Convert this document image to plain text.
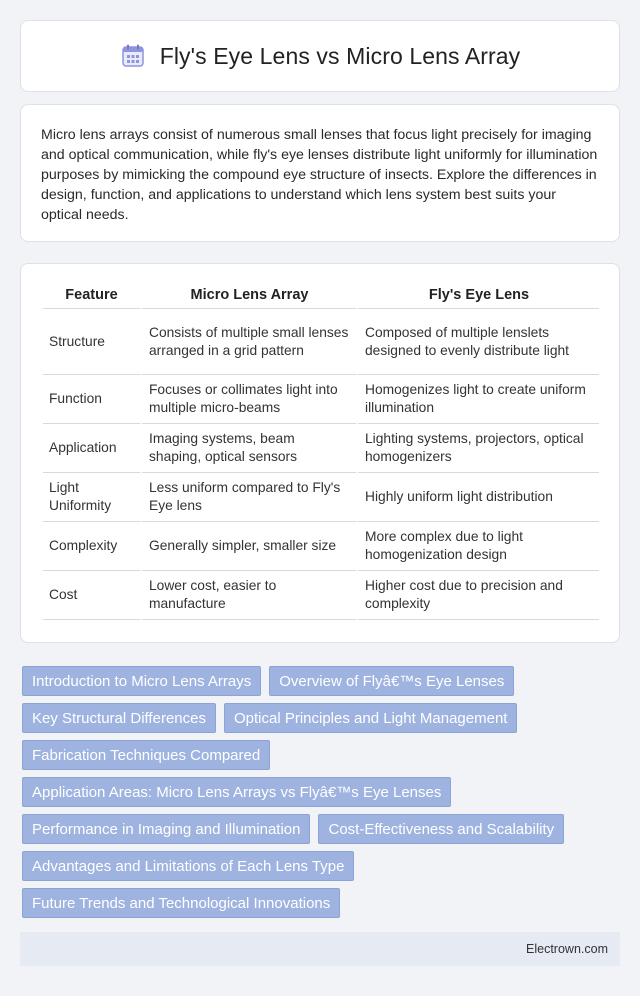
Fly's Eye Lens vs Micro Lens Array

Micro lens arrays consist of numerous small lenses that focus light precisely for imaging and optical communication, while fly's eye lenses distribute light uniformly for illumination purposes by mimicking the compound eye structure of insects. Explore the differences in design, function, and applications to understand which lens system best suits your optical needs.

Feature	Micro Lens Array	Fly's Eye Lens
Structure	Consists of multiple small lenses arranged in a grid pattern	Composed of multiple lenslets designed to evenly distribute light
Function	Focuses or collimates light into multiple micro-beams	Homogenizes light to create uniform illumination
Application	Imaging systems, beam shaping, optical sensors	Lighting systems, projectors, optical homogenizers
Light Uniformity	Less uniform compared to Fly's Eye lens	Highly uniform light distribution
Complexity	Generally simpler, smaller size	More complex due to light homogenization design
Cost	Lower cost, easier to manufacture	Higher cost due to precision and complexity
Introduction to Micro Lens Arrays	Overview of Flyâ€™s Eye Lenses
Key Structural Differences	Optical Principles and Light Management
Fabrication Techniques Compared
Application Areas: Micro Lens Arrays vs Flyâ€™s Eye Lenses
Performance in Imaging and Illumination	Cost-Effectiveness and Scalability
Advantages and Limitations of Each Lens Type
Future Trends and Technological Innovations
Electrown.com
